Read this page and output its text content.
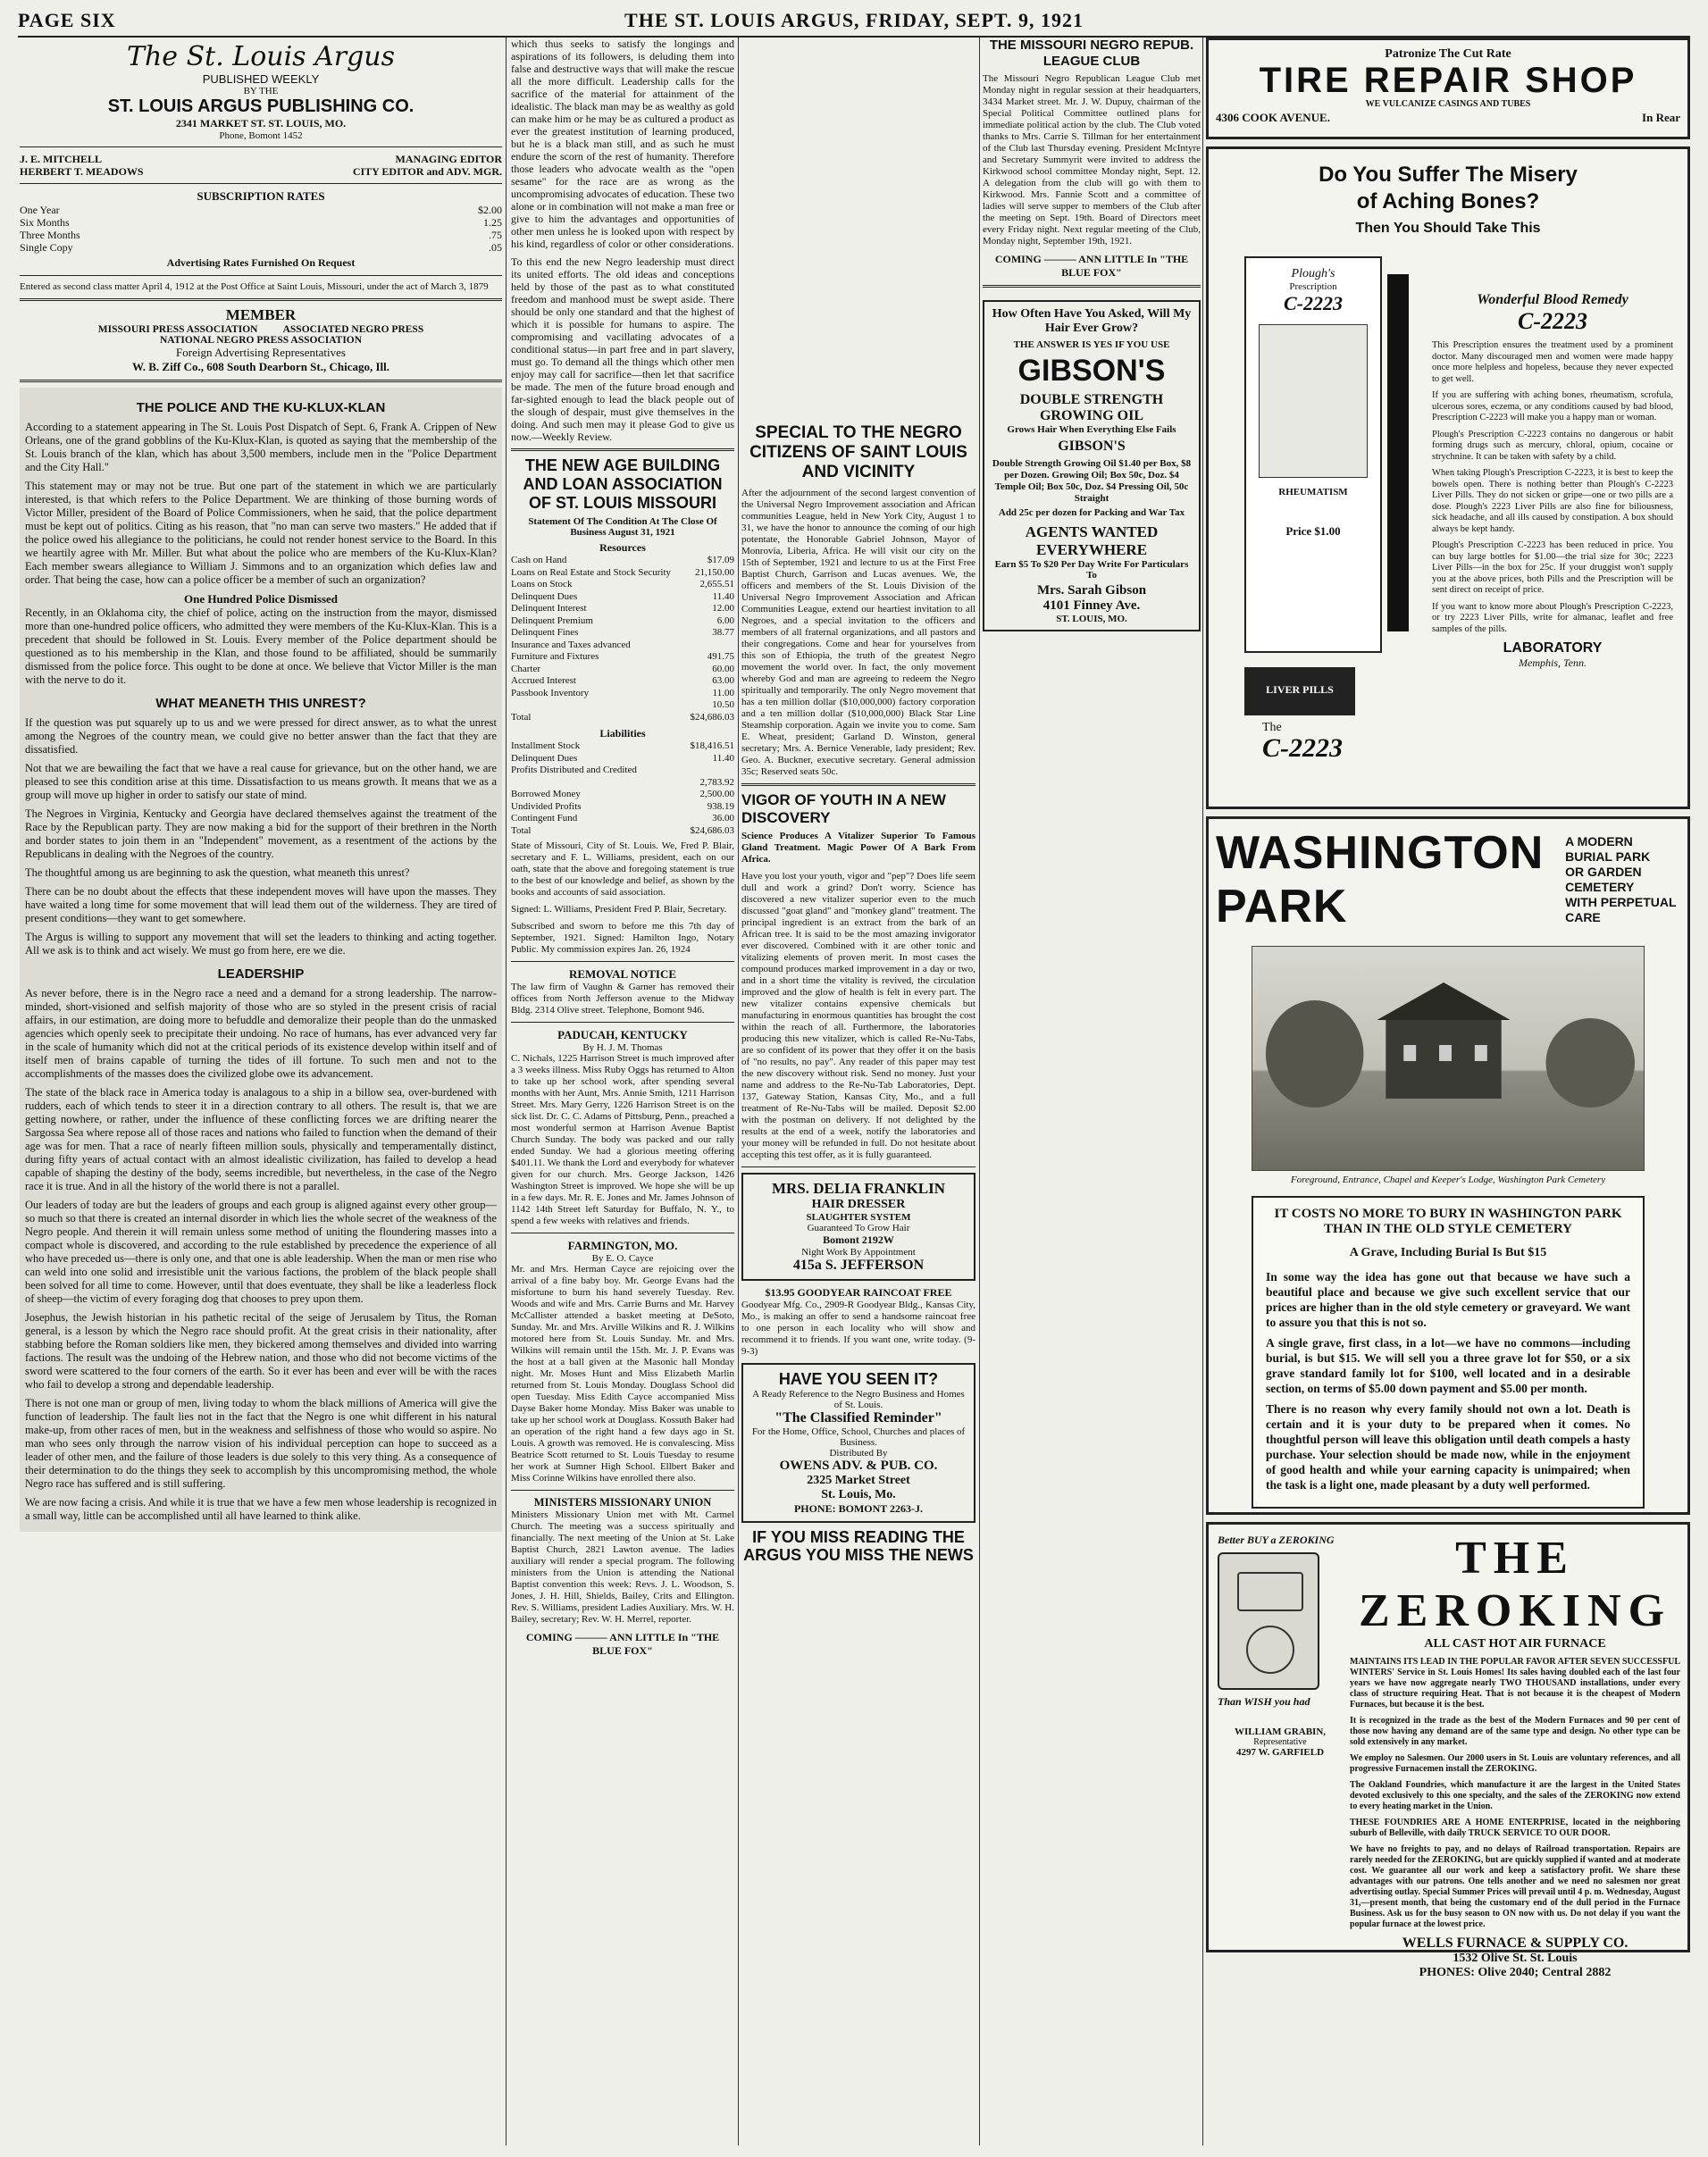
PAGE SIX	THE ST. LOUIS ARGUS, FRIDAY, SEPT. 9, 1921
The St. Louis Argus
PUBLISHED WEEKLY
BY THE
ST. LOUIS ARGUS PUBLISHING CO.
2341 MARKET ST. ST. LOUIS, MO.
Phone, Bomont 1452
J. E. MITCHELL	MANAGING EDITOR
HERBERT T. MEADOWS	CITY EDITOR and ADV. MGR.
SUBSCRIPTION RATES
One Year	$2.00
Six Months	1.25
Three Months	.75
Single Copy	.05
Advertising Rates Furnished On Request

Entered as second class matter April 4, 1912 at the Post Office at Saint Louis, Missouri, under the act of March 3, 1879

MEMBER
MISSOURI PRESS ASSOCIATION          ASSOCIATED NEGRO PRESS
NATIONAL NEGRO PRESS ASSOCIATION
Foreign Advertising Representatives
W. B. Ziff Co., 608 South Dearborn St., Chicago, Ill.
THE POLICE AND THE KU-KLUX-KLAN

According to a statement appearing in The St. Louis Post Dispatch of Sept. 6, Frank A. Crippen of New Orleans, one of the grand gobblins of the Ku-Klux-Klan, is quoted as saying that the membership of the St. Louis branch of the klan, which has about 3,500 members, include men in the "Police Department and the City Hall."

This statement may or may not be true. But one part of the statement in which we are particularly interested, is that which refers to the Police Department. We are thinking of those burning words of Victor Miller, president of the Board of Police Commissioners, when he said, that the police department must be kept out of politics. Citing as his reason, that "no man can serve two masters." He added that if the police owed his allegiance to the politicians, he could not render honest service to the Board. In this we heartily agree with Mr. Miller. But what about the police who are members of the Ku-Klux-Klan? Each member swears allegiance to William J. Simmons and to an organization which defies law and order. That being the case, how can a police officer be a member of such an organization?

One Hundred Police Dismissed

Recently, in an Oklahoma city, the chief of police, acting on the instruction from the mayor, dismissed more than one-hundred police officers, who admitted they were members of the Ku-Klux-Klan. This is a precedent that should be followed in St. Louis. Every member of the Police department should be questioned as to his membership in the Klan, and those found to be affiliated, should be summarily dismissed from the police force. This ought to be done at once. We believe that Victor Miller is the man with the nerve to do it.

WHAT MEANETH THIS UNREST?

If the question was put squarely up to us and we were pressed for direct answer, as to what the unrest among the Negroes of the country mean, we could give no better answer than the fact that they are dissatisfied.

Not that we are bewailing the fact that we have a real cause for grievance, but on the other hand, we are pleased to see this condition arise at this time. Dissatisfaction to us means growth. It means that we as a group will move up higher in order to satisfy our state of mind.

The Negroes in Virginia, Kentucky and Georgia have declared themselves against the treatment of the Race by the Republican party. They are now making a bid for the support of their brethren in the North and border states to join them in an "Independent" movement, as a resentment of the actions by the Republicans in dealing with the Negroes of the country.

The thoughtful among us are beginning to ask the question, what meaneth this unrest?

There can be no doubt about the effects that these independent moves will have upon the masses. They have waited a long time for some movement that will lead them out of the wilderness. They are tired of present conditions—they want to get somewhere.

The Argus is willing to support any movement that will set the leaders to thinking and acting together. All we ask is to think and act wisely. We must go from here, ere we die.

LEADERSHIP

As never before, there is in the Negro race a need and a demand for a strong leadership. The narrow-minded, short-visioned and selfish majority of those who are so styled in the present crisis of racial affairs, in our estimation, are doing more to befuddle and demoralize their people than do the unmasked agencies which openly seek to precipitate their undoing. No race of humans, has ever advanced very far in the scale of humanity which did not at the critical periods of its existence develop within itself and of itself men of brains capable of turning the tides of ill fortune. To such men and not to the accomplishments of the masses does the civilized globe owe its advancement.

The state of the black race in America today is analagous to a ship in a billow sea, over-burdened with rudders, each of which tends to steer it in a direction contrary to all others. The result is, that we are getting nowhere, or rather, under the influence of these conflicting forces we are drifting nearer the Sargossa Sea where repose all of those races and nations who failed to function when the demand of their age was for men. That a race of nearly fifteen million souls, physically and temperamentally distinct, during fifty years of actual contact with an almost idealistic civilization, has failed to develop a head capable of shaping the destiny of the body, seems incredible, but nevertheless, in the case of the Negro race it is true. And in all the history of the world there is not a parallel.

Our leaders of today are but the leaders of groups and each group is aligned against every other group—so much so that there is created an internal disorder in which lies the whole secret of the weakness of the Negro people. And therein it will remain unless some method of uniting the floundering masses into a compact whole is discovered, and according to the rule established by precedence the experience of all who have preceded us—there is only one, and that one is able leadership. When the man or men rise who can weld into one solid and irresistible unit the various factions, the problem of the black people shall been solved for all time to come. However, until that does eventuate, they shall be like a leaderless flock of sheep—the victim of every foraging dog that chooses to prey upon them.

Josephus, the Jewish historian in his pathetic recital of the seige of Jerusalem by Titus, the Roman general, is a lesson by which the Negro race should profit. At the great crisis in their nationality, after stabbing before the Roman soldiers like men, they bickered among themselves and divided into warring factions. The result was the undoing of the Hebrew nation, and those who did not become victims of the sword were scattered to the four corners of the earth. So it ever has been and ever will be with the races who fail to develop a strong and dependable leadership.

There is not one man or group of men, living today to whom the black millions of America will give the function of leadership. The fault lies not in the fact that the Negro is one whit different in his natural make-up, from other races of men, but in the weakness and selfishness of those who would so aspire. No man who sees only through the narrow vision of his individual perception can hope to succeed as a leader of other men, and the failure of those leaders is due solely to this very thing. As a consequence of their determination to do the things they seek to accomplish by this uncompromising method, the whole Negro race has suffered and is still suffering.

We are now facing a crisis. And while it is true that we have a few men whose leadership is recognized in a small way, little can be accomplished until all have learned to think alike.

which thus seeks to satisfy the longings and aspirations of its followers, is deluding them into false and destructive ways that will make the rescue all the more difficult. Leadership calls for the sacrifice of the material for attainment of the idealistic. The black man may be as wealthy as gold can make him or he may be as cultured a product as ever the greatest institution of learning produced, but he is a black man still, and as such he must endure the scorn of the rest of humanity. Therefore those leaders who advocate wealth as the "open sesame" for the race are as wrong as the uncompromising advocates of education. These two alone or in combination will not make a man free or give to him the advantages and opportunities of other men unless he is looked upon with respect by his kind, regardless of color or other considerations.

To this end the new Negro leadership must direct its united efforts. The old ideas and conceptions held by those of the past as to what constituted freedom and manhood must be swept aside. There should be only one standard and that the highest of which it is possible for humans to aspire. The compromising and vacillating advocates of a conditional status—in part free and in part slavery, must go. To demand all the things which other men enjoy may call for sacrifice—then let that sacrifice be made. The men of the future broad enough and far-sighted enough to lead the black people out of the slough of despair, must give themselves in the doing. And such men may it please God to give us now.—Weekly Review.

THE NEW AGE BUILDING AND LOAN ASSOCIATION OF ST. LOUIS MISSOURI
Statement Of The Condition At The Close Of Business August 31, 1921
Resources
Cash on Hand	$17.09
Loans on Real Estate and Stock Security 21,150.00
Loans on Stock	2,655.51
Delinquent Dues	11.40
Delinquent Interest	12.00
Delinquent Premium	6.00
Delinquent Fines	38.77
Insurance and Taxes advanced
Furniture and Fixtures	491.75
Charter	60.00
Accrued Interest	63.00
Passbook Inventory	11.00
10.50
Total	$24,686.03
Liabilities
Installment Stock	$18,416.51
Delinquent Dues	11.40
Profits Distributed and Credited
2,783.92
Borrowed Money	2,500.00
Undivided Profits	938.19
Contingent Fund	36.00
Total	$24,686.03

State of Missouri, City of St. Louis. We, Fred P. Blair, secretary and F. L. Williams, president, each on our oath, state that the above and foregoing statement is true to the best of our knowledge and belief, as shown by the books and accounts of said association.

Signed: L. Williams, President Fred P. Blair, Secretary.

Subscribed and sworn to before me this 7th day of September, 1921. Signed: Hamilton Ingo, Notary Public. My commission expires Jan. 26, 1924

REMOVAL NOTICE

The law firm of Vaughn & Garner has removed their offices from North Jefferson avenue to the Midway Bldg. 2314 Olive street. Telephone, Bomont 946.

PADUCAH, KENTUCKY
By H. J. M. Thomas

C. Nichals, 1225 Harrison Street is much improved after a 3 weeks illness. Miss Ruby Oggs has returned to Alton to take up her school work, after spending several months with her Aunt, Mrs. Annie Smith, 1211 Harrison Street. Mrs. Mary Gerry, 1226 Harrison Street is on the sick list. Dr. C. C. Adams of Pittsburg, Penn., preached a most wonderful sermon at Harrison Avenue Baptist Church Sunday. The body was packed and our rally ended Sunday. We had a glorious meeting offering $401.11. We thank the Lord and everybody for whatever given for our church. Mrs. George Jackson, 1426 Washington Street is improved. We hope she will be up in a few days. Mr. R. E. Jones and Mr. James Johnson of 1142 14th Street left Saturday for Buffalo, N. Y., to spend a few weeks with relatives and friends.

FARMINGTON, MO.
By E. O. Cayce

Mr. and Mrs. Herman Cayce are rejoicing over the arrival of a fine baby boy. Mr. George Evans had the misfortune to burn his hand severely Tuesday. Rev. Woods and wife and Mrs. Carrie Burns and Mr. Harvey McCallister attended a basket meeting at DeSoto, Sunday. Mr. and Mrs. Arville Wilkins and R. J. Wilkins motored here from St. Louis Sunday. Mr. and Mrs. Wilkins will remain until the 15th. Mr. J. P. Evans was the host at a ball given at the Masonic hall Monday night. Mr. Moses Hunt and Miss Elizabeth Marlin returned from St. Louis Monday. Douglass School did open Tuesday. Miss Edith Cayce accompanied Miss Dayse Baker home Monday. Miss Baker was unable to take up her school work at Douglass. Kossuth Baker had an operation of the right hand a few days ago in St. Louis. A growth was removed. He is convalescing. Miss Beatrice Scott returned to St. Louis Tuesday to resume her work at Sumner High School. Ellbert Baker and Miss Corinne Wilkins have enrolled there also.

MINISTERS MISSIONARY UNION

Ministers Missionary Union met with Mt. Carmel Church. The meeting was a success spiritually and financially. The next meeting of the Union at St. Lake Baptist Church, 2821 Lawton avenue. The ladies auxiliary will render a special program. The following ministers from the Union is attending the National Baptist convention this week: Revs. J. L. Woodson, S. Jones, J. H. Hill, Shields, Bailey, Crits and Ellington. Rev. S. Williams, president Ladies Auxiliary. Mrs. W. H. Bailey, secretary; Rev. W. H. Merrel, reporter.

COMING ——— ANN LITTLE In "THE BLUE FOX"
SPECIAL TO THE NEGRO CITIZENS OF SAINT LOUIS AND VICINITY

After the adjournment of the second largest convention of the Universal Negro Improvement association and African communities League, held in New York City, August 1 to 31, we have the honor to announce the coming of our high potentate, the Honorable Gabriel Johnson, Mayor of Monrovia, Liberia, Africa. He will visit our city on the 15th of September, 1921 and lecture to us at the First Free Baptist Church, Garrison and Lucas avenues. We, the officers and members of the St. Louis Division of the Universal Negro Improvement Association and African Communities League, extend our heartiest invitation to all Negroes, and a special invitation to the officers and members of all fraternal organizations, and all pastors and their congregations. Come and hear for yourselves from this son of Ethiopia, the truth of the greatest Negro movement the world over. In fact, the only movement whereby God and man are agreeing to redeem the Negro spiritually and temporarily. The only Negro movement that has a ten million dollar ($10,000,000) factory corporation and a ten million dollar ($10,000,000) Black Star Line Steamship corporation. Again we invite you to come. Sam E. Wheat, president; Garland D. Winston, general secretary; Mrs. A. Bernice Venerable, lady president; Rev. Geo. A. Buckner, executive secretary. General admission 35c; Reserved seats 50c.

VIGOR OF YOUTH IN A NEW DISCOVERY

Science Produces A Vitalizer Superior To Famous Gland Treatment. Magic Power Of A Bark From Africa.

Have you lost your youth, vigor and "pep"? Does life seem dull and work a grind? Don't worry. Science has discovered a new vitalizer superior even to the much discussed "goat gland" and "monkey gland" treatment. The principal ingredient is an extract from the bark of an African tree. It is said to be the most amazing invigorator ever discovered. Combined with it are other tonic and vitalizing elements of proven merit. In most cases the compound produces marked improvement in a day or two, and in a short time the vitality is revived, the circulation improved and the glow of health is felt in every part. The new vitalizer contains expensive chemicals but manufacturing in enormous quantities has brought the cost within the reach of all. Furthermore, the laboratories producing this new vitalizer, which is called Re-Nu-Tabs, are so confident of its power that they offer it on the basis of "no results, no pay". Any reader of this paper may test the new discovery without risk. Send no money. Just your name and address to the Re-Nu-Tab Laboratories, Dept. 137, Gateway Station, Kansas City, Mo., and a full treatment of Re-Nu-Tabs will be mailed. Deposit $2.00 with the postman on delivery. If not delighted by the results at the end of a week, notify the laboratories and your money will be refunded in full. Do not hesitate about accepting this test offer, as it is fully guaranteed.

MRS. DELIA FRANKLIN
HAIR DRESSER
SLAUGHTER SYSTEM
Guaranteed To Grow Hair
Bomont 2192W
Night Work By Appointment
415a S. JEFFERSON
$13.95 GOODYEAR RAINCOAT FREE

Goodyear Mfg. Co., 2909-R Goodyear Bldg., Kansas City, Mo., is making an offer to send a handsome raincoat free to one person in each locality who will show and recommend it to friends. If you want one, write today. (9-9-3)

HAVE YOU SEEN IT?
A Ready Reference to the Negro Business and Homes of St. Louis.
"The Classified Reminder"
For the Home, Office, School, Churches and places of Business.
Distributed By
OWENS ADV. & PUB. CO.
2325 Market Street
St. Louis, Mo.
PHONE: BOMONT 2263-J.
IF YOU MISS READING THE ARGUS YOU MISS THE NEWS
THE MISSOURI NEGRO REPUB. LEAGUE CLUB

The Missouri Negro Republican League Club met Monday night in regular session at their headquarters, 3434 Market street. Mr. J. W. Dupuy, chairman of the Special Political Committee outlined plans for immediate political action by the club. The Club voted thanks to Mrs. Carrie S. Tillman for her entertainment of the Club last Thursday evening. President McIntyre and Secretary Summyrit were invited to address the Kirkwood school committee Monday night, Sept. 12. A delegation from the club will go with them to Kirkwood. Mrs. Fannie Scott and a committee of ladies will serve supper to members of the Club after the meeting on Sept. 19th. Board of Directors meet every Friday night. Next regular meeting of the Club, Monday night, September 19th, 1921.

COMING ——— ANN LITTLE In "THE BLUE FOX"
How Often Have You Asked, Will My Hair Ever Grow?
THE ANSWER IS YES IF YOU USE
GIBSON'S
DOUBLE STRENGTH
GROWING OIL
Grows Hair When Everything Else Fails
GIBSON'S
Double Strength Growing Oil $1.40 per Box, $8 per Dozen. Growing Oil; Box 50c, Doz. $4 Temple Oil; Box 50c, Doz. $4 Pressing Oil, 50c Straight
Add 25c per dozen for Packing and War Tax
AGENTS WANTED EVERYWHERE
Earn $5 To $20 Per Day Write For Particulars To
Mrs. Sarah Gibson
4101 Finney Ave.
ST. LOUIS, MO.
Patronize The Cut Rate
TIRE REPAIR SHOP
WE VULCANIZE CASINGS AND TUBES
4306 COOK AVENUE.	In Rear
Do You Suffer The Misery
of Aching Bones?
Then You Should Take This
Plough's
Prescription
C-2223
RHEUMATISM
Price $1.00
LIVER PILLS
The
C-2223
Wonderful Blood Remedy
C-2223

This Prescription ensures the treatment used by a prominent doctor. Many discouraged men and women were made happy once more helpless and hopeless, because they never expected to get well.

If you are suffering with aching bones, rheumatism, scrofula, ulcerous sores, eczema, or any conditions caused by bad blood, Prescription C-2223 will make you a happy man or woman.

Plough's Prescription C-2223 contains no dangerous or habit forming drugs such as mercury, chloral, opium, cocaine or strychnine. It can be taken with safety by a child.

When taking Plough's Prescription C-2223, it is best to keep the bowels open. There is nothing better than Plough's C-2223 Liver Pills. They do not sicken or gripe—one or two pills are a dose. Plough's 2223 Liver Pills are also fine for biliousness, sick headache, and all ills caused by constipation. A box should always be kept handy.

Plough's Prescription C-2223 has been reduced in price. You can buy large bottles for $1.00—the trial size for 30c; 2223 Liver Pills—in the box for 25c. If your druggist won't supply you at the above prices, both Pills and the Prescription will be sent direct on receipt of price.

If you want to know more about Plough's Prescription C-2223, or try 2223 Liver Pills, write for almanac, leaflet and free samples of the pills.

LABORATORY
Memphis, Tenn.
WASHINGTON PARK
A MODERN BURIAL PARK
OR GARDEN CEMETERY
WITH PERPETUAL CARE
Foreground, Entrance, Chapel and Keeper's Lodge, Washington Park Cemetery
IT COSTS NO MORE TO BURY IN WASHINGTON PARK
THAN IN THE OLD STYLE CEMETERY
A Grave, Including Burial Is But $15

In some way the idea has gone out that because we have such a beautiful place and because we give such excellent service that our prices are higher than in the old style cemetery or graveyard. We want to assure you that this is not so.

A single grave, first class, in a lot—we have no commons—including burial, is but $15. We will sell you a three grave lot for $50, or a six grave standard family lot for $100, well located and in a desirable section, on terms of $5.00 down payment and $5.00 per month.

There is no reason why every family should not own a lot. Death is certain and it is your duty to be prepared when it comes. No thoughtful person will leave this obligation until death compels a hasty purchase. Your selection should be made now, while in the enjoyment of good health and while your earning capacity is unimpaired; when the task is a light one, made pleasant by a duty well performed.

Better BUY a ZEROKING
Than WISH you had
WILLIAM GRABIN,
Representative
4297 W. GARFIELD
THE ZEROKING
ALL CAST HOT AIR FURNACE

MAINTAINS ITS LEAD IN THE POPULAR FAVOR AFTER SEVEN SUCCESSFUL WINTERS' Service in St. Louis Homes! Its sales having doubled each of the last four years we have now aggregate nearly TWO THOUSAND installations, under every class of structure requiring Heat. That is not because it is the cheapest of Modern Furnaces, but because it is the best.

It is recognized in the trade as the best of the Modern Furnaces and 90 per cent of those now having any demand are of the same type and design. No other type can be sold extensively in any market.

We employ no Salesmen. Our 2000 users in St. Louis are voluntary references, and all progressive Furnacemen install the ZEROKING.

The Oakland Foundries, which manufacture it are the largest in the United States devoted exclusively to this one specialty, and the sales of the ZEROKING now extend to every heating market in the Union.

THESE FOUNDRIES ARE A HOME ENTERPRISE, located in the neighboring suburb of Belleville, with daily TRUCK SERVICE TO OUR DOOR.

We have no freights to pay, and no delays of Railroad transportation. Repairs are rarely needed for the ZEROKING, but are quickly supplied if wanted and at moderate cost. We guarantee all our work and keep a satisfactory profit. We share these advantages with our patrons. One tells another and we need no salesmen nor great advertising outlay. Special Summer Prices will prevail until 4 p. m. Wednesday, August 31,—present month, that being the customary end of the dull period in the Furnace Business. Ask us for the busy season to ON now with us. Do not delay if you want the popular furnace at the lowest price.

WELLS FURNACE & SUPPLY CO.
1532 Olive St. St. Louis
PHONES: Olive 2040; Central 2882
